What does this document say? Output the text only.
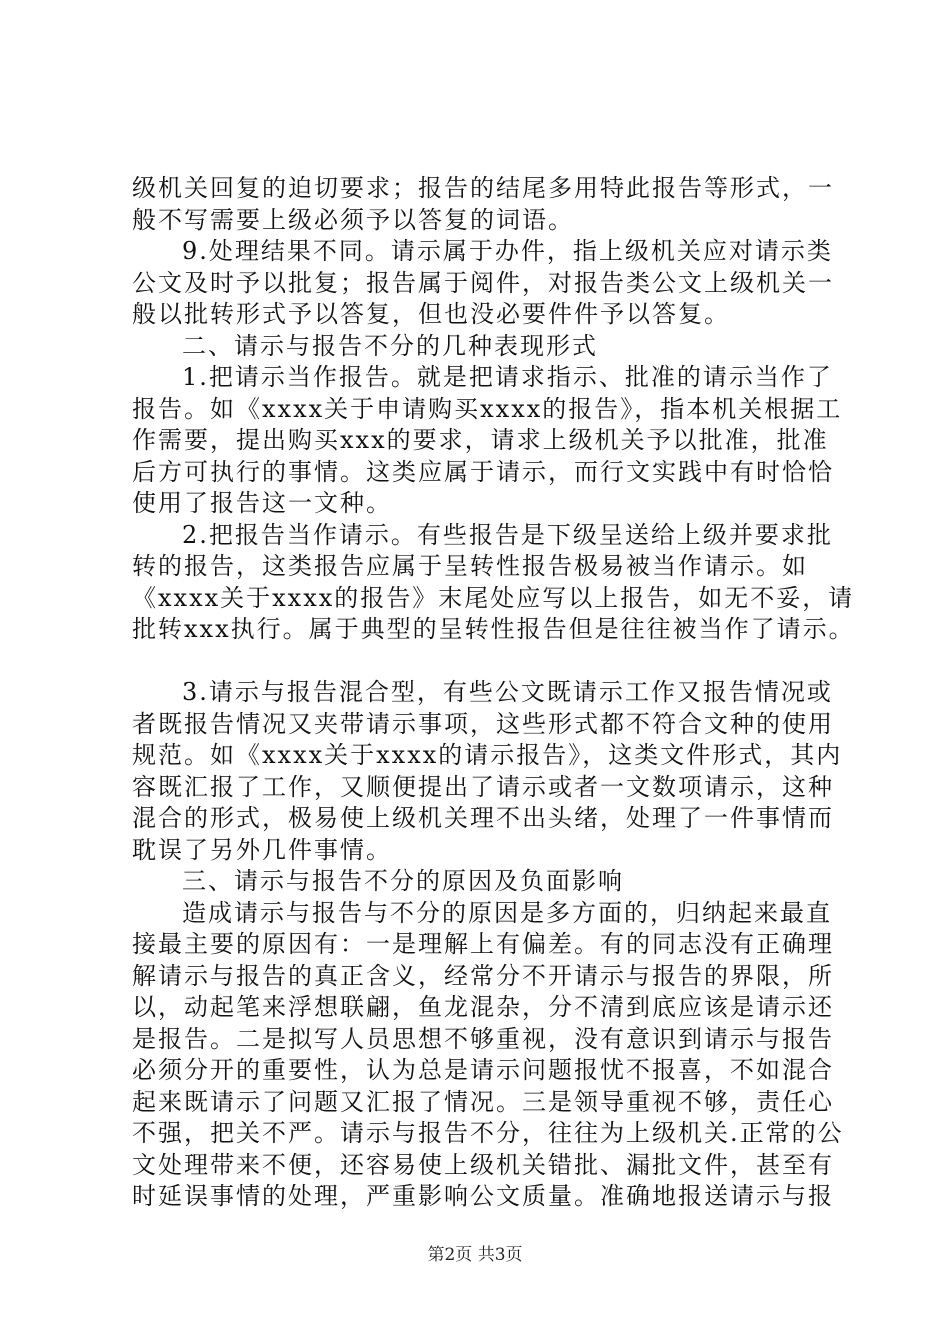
级机关回复的迫切要求；报告的结尾多用特此报告等形式，一
般不写需要上级必须予以答复的词语。
9.处理结果不同。请示属于办件，指上级机关应对请示类
公文及时予以批复；报告属于阅件，对报告类公文上级机关一
般以批转形式予以答复，但也没必要件件予以答复。
二、请示与报告不分的几种表现形式
1.把请示当作报告。就是把请求指示、批准的请示当作了
报告。如《xxxx关于申请购买xxxx的报告》，指本机关根据工
作需要，提出购买xxx的要求，请求上级机关予以批准，批准
后方可执行的事情。这类应属于请示，而行文实践中有时恰恰
使用了报告这一文种。
2.把报告当作请示。有些报告是下级呈送给上级并要求批
转的报告，这类报告应属于呈转性报告极易被当作请示。如
《xxxx关于xxxx的报告》末尾处应写以上报告，如无不妥，请
批转xxx执行。属于典型的呈转性报告但是往往被当作了请示。
3.请示与报告混合型，有些公文既请示工作又报告情况或
者既报告情况又夹带请示事项，这些形式都不符合文种的使用
规范。如《xxxx关于xxxx的请示报告》，这类文件形式，其内
容既汇报了工作，又顺便提出了请示或者一文数项请示，这种
混合的形式，极易使上级机关理不出头绪，处理了一件事情而
耽误了另外几件事情。
三、请示与报告不分的原因及负面影响
造成请示与报告与不分的原因是多方面的，归纳起来最直
接最主要的原因有：一是理解上有偏差。有的同志没有正确理
解请示与报告的真正含义，经常分不开请示与报告的界限，所
以，动起笔来浮想联翩，鱼龙混杂，分不清到底应该是请示还
是报告。二是拟写人员思想不够重视，没有意识到请示与报告
必须分开的重要性，认为总是请示问题报忧不报喜，不如混合
起来既请示了问题又汇报了情况。三是领导重视不够，责任心
不强，把关不严。请示与报告不分，往往为上级机关.正常的公
文处理带来不便，还容易使上级机关错批、漏批文件，甚至有
时延误事情的处理，严重影响公文质量。准确地报送请示与报
第2页 共3页
